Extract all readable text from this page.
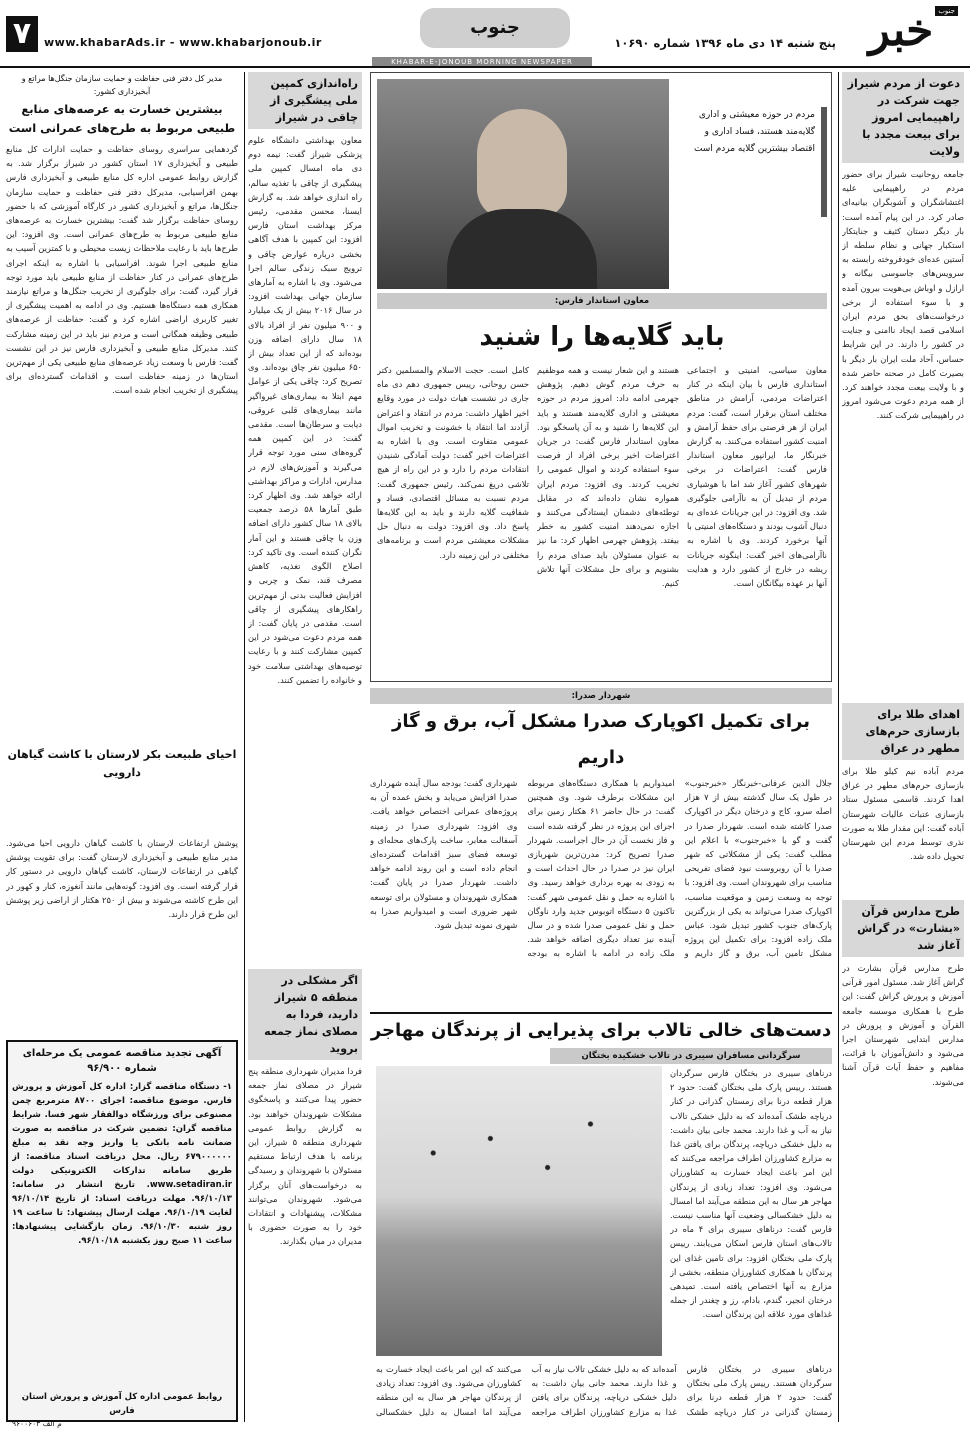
خبر جنوب
پنج شنبه ۱۴ دی ماه ۱۳۹۶ شماره ۱۰۶۹۰
جنوب
۷	www.khabarAds.ir - www.khabarjonoub.ir
KHABAR-E-JONOUB MORNING NEWSPAPER
دعوت از مردم شیراز جهت شرکت در راهپیمایی امروز برای بیعت مجدد با ولایت
جامعه روحانیت شیراز برای حضور مردم در راهپیمایی علیه اغتشاشگران و آشوبگران بیانیه‌ای صادر کرد. در این پیام آمده است: بار دیگر دستان کثیف و جنایتکار استکبار جهانی و نظام سلطه از آستین عده‌ای خودفروخته رابسته به سرویس‌های جاسوسی بیگانه و ارازل و اوباش بی‌هویت بیرون آمده و با سوء استفاده از برخی درخواست‌های بحق مردم ایران اسلامی قصد ایجاد ناامنی و جنایت در کشور را دارند. در این شرایط حساس، آحاد ملت ایران بار دیگر با بصیرت کامل در صحنه حاضر شده و با ولایت بیعت مجدد خواهند کرد. از همه مردم دعوت می‌شود امروز در راهپیمایی شرکت کنند.
اهدای طلا برای بازسازی حرم‌های مطهر در عراق
مردم آباده نیم کیلو طلا برای بازسازی حرم‌های مطهر در عراق اهدا کردند. قاسمی مسئول ستاد بازسازی عتبات عالیات شهرستان آباده گفت: این مقدار طلا به صورت نذری توسط مردم این شهرستان تحویل داده شد.
طرح مدارس قرآن «بشارت» در گراش آغاز شد
طرح مدارس قرآن بشارت در گراش آغاز شد. مسئول امور قرآنی آموزش و پرورش گراش گفت: این طرح با همکاری موسسه جامعه القرآن و آموزش و پرورش در مدارس ابتدایی شهرستان اجرا می‌شود و دانش‌آموزان با قرائت، مفاهیم و حفظ آیات قرآن آشنا می‌شوند.
مردم در حوزه معیشتی و اداری گلایه‌مند هستند، فساد اداری و اقتصاد بیشترین گلایه مردم است
معاون استاندار فارس:
باید گلایه‌ها را شنید
معاون سیاسی، امنیتی و اجتماعی استانداری فارس با بیان اینکه در کنار اعتراضات مردمی، آرامش در مناطق مختلف استان برقرار است، گفت: مردم ایران از هر فرصتی برای حفظ آرامش و امنیت کشور استفاده می‌کنند. به گزارش خبرنگار ما، ایرانپور معاون استاندار فارس گفت: اعتراضات در برخی شهرهای کشور آغاز شد اما با هوشیاری مردم از تبدیل آن به ناآرامی جلوگیری شد. وی افزود: در این جریانات عده‌ای به دنبال آشوب بودند و دستگاه‌های امنیتی با آنها برخورد کردند. وی با اشاره به ناآرامی‌های اخیر گفت: اینگونه جریانات ریشه در خارج از کشور دارد و هدایت آنها بر عهده بیگانگان است.
هستند و این شعار نیست و همه موظفیم به حرف مردم گوش دهیم. پژوهش جهرمی ادامه داد: امروز مردم در حوزه معیشتی و اداری گلایه‌مند هستند و باید این گلایه‌ها را شنید و به آن پاسخگو بود. معاون استاندار فارس گفت: در جریان اعتراضات اخیر برخی افراد از فرصت سوء استفاده کردند و اموال عمومی را تخریب کردند. وی افزود: مردم ایران همواره نشان داده‌اند که در مقابل توطئه‌های دشمنان ایستادگی می‌کنند و اجازه نمی‌دهند امنیت کشور به خطر بیفتد. پژوهش جهرمی اظهار کرد: ما نیز به عنوان مسئولان باید صدای مردم را بشنویم و برای حل مشکلات آنها تلاش کنیم.
کامل است. حجت الاسلام والمسلمین دکتر حسن روحانی، رییس جمهوری دهم دی ماه جاری در نشست هیات دولت در مورد وقایع اخیر اظهار داشت: مردم در انتقاد و اعتراض آزادند اما انتقاد با خشونت و تخریب اموال عمومی متفاوت است. وی با اشاره به اعتراضات اخیر گفت: دولت آمادگی شنیدن انتقادات مردم را دارد و در این راه از هیچ تلاشی دریغ نمی‌کند. رئیس جمهوری گفت: مردم نسبت به مسائل اقتصادی، فساد و شفافیت گلایه دارند و باید به این گلایه‌ها پاسخ داد. وی افزود: دولت به دنبال حل مشکلات معیشتی مردم است و برنامه‌های مختلفی در این زمینه دارد.
شهردار صدرا:
برای تکمیل اکوپارک صدرا مشکل آب، برق و گاز داریم
جلال الدین عرفانی-خبرنگار «خبرجنوب» در طول یک سال گذشته بیش از ۷ هزار اصله سرو، کاج و درختان دیگر در اکوپارک صدرا کاشته شده است. شهردار صدرا در گفت و گو با «خبرجنوب» با اعلام این مطلب گفت: یکی از مشکلاتی که شهر صدرا با آن روبروست نبود فضای تفریحی مناسب برای شهروندان است. وی افزود: با توجه به وسعت زمین و موقعیت مناسب، اکوپارک صدرا می‌تواند به یکی از بزرگترین پارک‌های جنوب کشور تبدیل شود. عباس ملک زاده افزود: برای تکمیل این پروژه مشکل تامین آب، برق و گاز داریم و امیدواریم با همکاری دستگاه‌های مربوطه این مشکلات برطرف شود. وی همچنین گفت: در حال حاضر ۶۱ هکتار زمین برای اجرای این پروژه در نظر گرفته شده است و فاز نخست آن در حال اجراست. شهردار صدرا تصریح کرد: مدرن‌ترین شهربازی ایران نیز در صدرا در حال احداث است و به زودی به بهره برداری خواهد رسید. وی با اشاره به حمل و نقل عمومی شهر گفت: تاکنون ۵ دستگاه اتوبوس جدید وارد ناوگان حمل و نقل عمومی صدرا شده و در سال آینده نیز تعداد دیگری اضافه خواهد شد. ملک زاده در ادامه با اشاره به بودجه شهرداری گفت: بودجه سال آینده شهرداری صدرا افزایش می‌یابد و بخش عمده آن به پروژه‌های عمرانی اختصاص خواهد یافت. وی افزود: شهرداری صدرا در زمینه آسفالت معابر، ساخت پارک‌های محله‌ای و توسعه فضای سبز اقدامات گسترده‌ای انجام داده است و این روند ادامه خواهد داشت. شهردار صدرا در پایان گفت: همکاری شهروندان و مسئولان برای توسعه شهر ضروری است و امیدواریم صدرا به شهری نمونه تبدیل شود.
دست‌های خالی تالاب برای پذیرایی از پرندگان مهاجر
سرگردانی مسافران سیبری در تالاب خشکیده بختگان
درناهای سیبری در بختگان فارس سرگردان هستند. رییس پارک ملی بختگان گفت: حدود ۲ هزار قطعه درنا برای زمستان گذرانی در کنار دریاچه طشک آمده‌اند که به دلیل خشکی تالاب نیاز به آب و غذا دارند. محمد جانی بیان داشت: به دلیل خشکی دریاچه، پرندگان برای یافتن غذا به مزارع کشاورزان اطراف مراجعه می‌کنند که این امر باعث ایجاد خسارت به کشاورزان می‌شود. وی افزود: تعداد زیادی از پرندگان مهاجر هر سال به این منطقه می‌آیند اما امسال به دلیل خشکسالی وضعیت آنها مناسب نیست. فارس گفت: درناهای سیبری برای ۴ ماه در تالاب‌های استان فارس اسکان می‌یابند. رییس پارک ملی بختگان افزود: برای تامین غذای این پرندگان با همکاری کشاورزان منطقه، بخشی از مزارع به آنها اختصاص یافته است. تمیدهی درختان انجیر، گندم، بادام، رز و چغندر از جمله غذاهای مورد علاقه این پرندگان است.
درناهای سیبری در بختگان فارس سرگردان هستند. رییس پارک ملی بختگان گفت: حدود ۲ هزار قطعه درنا برای زمستان گذرانی در کنار دریاچه طشک آمده‌اند که به دلیل خشکی تالاب نیاز به آب و غذا دارند. محمد جانی بیان داشت: به دلیل خشکی دریاچه، پرندگان برای یافتن غذا به مزارع کشاورزان اطراف مراجعه می‌کنند که این امر باعث ایجاد خسارت به کشاورزان می‌شود. وی افزود: تعداد زیادی از پرندگان مهاجر هر سال به این منطقه می‌آیند اما امسال به دلیل خشکسالی
راه‌اندازی کمپین ملی پیشگیری از چاقی در شیراز
معاون بهداشتی دانشگاه علوم پزشکی شیراز گفت: نیمه دوم دی ماه امسال کمپین ملی پیشگیری از چاقی با تغذیه سالم، راه اندازی خواهد شد. به گزارش ایسنا، محسن مقدمی، رئیس مرکز بهداشت استان فارس افزود: این کمپین با هدف آگاهی بخشی درباره عوارض چاقی و ترویج سبک زندگی سالم اجرا می‌شود. وی با اشاره به آمارهای سازمان جهانی بهداشت افزود: در سال ۲۰۱۶ بیش از یک میلیارد و ۹۰۰ میلیون نفر از افراد بالای ۱۸ سال دارای اضافه وزن بوده‌اند که از این تعداد بیش از ۶۵۰ میلیون نفر چاق بوده‌اند. وی تصریح کرد: چاقی یکی از عوامل مهم ابتلا به بیماری‌های غیرواگیر مانند بیماری‌های قلبی عروقی، دیابت و سرطان‌ها است. مقدمی گفت: در این کمپین همه گروه‌های سنی مورد توجه قرار می‌گیرند و آموزش‌های لازم در مدارس، ادارات و مراکز بهداشتی ارائه خواهد شد. وی اظهار کرد: طبق آمارها ۵۸ درصد جمعیت بالای ۱۸ سال کشور دارای اضافه وزن یا چاقی هستند و این آمار نگران کننده است. وی تاکید کرد: اصلاح الگوی تغذیه، کاهش مصرف قند، نمک و چربی و افزایش فعالیت بدنی از مهم‌ترین راهکارهای پیشگیری از چاقی است. مقدمی در پایان گفت: از همه مردم دعوت می‌شود در این کمپین مشارکت کنند و با رعایت توصیه‌های بهداشتی سلامت خود و خانواده را تضمین کنند.
اگر مشکلی در منطقه ۵ شیراز دارید، فردا به مصلای نماز جمعه بروید
فردا مدیران شهرداری منطقه پنج شیراز در مصلای نماز جمعه حضور پیدا می‌کنند و پاسخگوی مشکلات شهروندان خواهند بود. به گزارش روابط عمومی شهرداری منطقه ۵ شیراز، این برنامه با هدف ارتباط مستقیم مسئولان با شهروندان و رسیدگی به درخواست‌های آنان برگزار می‌شود. شهروندان می‌توانند مشکلات، پیشنهادات و انتقادات خود را به صورت حضوری با مدیران در میان بگذارند.
مدیر کل دفتر فنی حفاظت و حمایت سازمان جنگل‌ها مراتع و آبخیزداری کشور:
بیشترین خسارت به عرصه‌های منابع طبیعی مربوط به طرح‌های عمرانی است
گردهمایی سراسری روسای حفاظت و حمایت ادارات کل منابع طبیعی و آبخیزداری ۱۷ استان کشور در شیراز برگزار شد. به گزارش روابط عمومی اداره کل منابع طبیعی و آبخیزداری فارس بهمن افراسیابی، مدیرکل دفتر فنی حفاظت و حمایت سازمان جنگل‌ها، مراتع و آبخیزداری کشور در کارگاه آموزشی که با حضور روسای حفاظت برگزار شد گفت: بیشترین خسارت به عرصه‌های منابع طبیعی مربوط به طرح‌های عمرانی است. وی افزود: این طرح‌ها باید با رعایت ملاحظات زیست محیطی و با کمترین آسیب به منابع طبیعی اجرا شوند. افراسیابی با اشاره به اینکه اجرای طرح‌های عمرانی در کنار حفاظت از منابع طبیعی باید مورد توجه قرار گیرد، گفت: برای جلوگیری از تخریب جنگل‌ها و مراتع نیازمند همکاری همه دستگاه‌ها هستیم. وی در ادامه به اهمیت پیشگیری از تغییر کاربری اراضی اشاره کرد و گفت: حفاظت از عرصه‌های طبیعی وظیفه همگانی است و مردم نیز باید در این زمینه مشارکت کنند. مدیرکل منابع طبیعی و آبخیزداری فارس نیز در این نشست گفت: فارس با وسعت زیاد عرصه‌های منابع طبیعی یکی از مهم‌ترین استان‌ها در زمینه حفاظت است و اقدامات گسترده‌ای برای پیشگیری از تخریب انجام شده است.
احیای طبیعت بکر لارستان با کاشت گیاهان دارویی
پوشش ارتفاعات لارستان با کاشت گیاهان دارویی احیا می‌شود. مدیر منابع طبیعی و آبخیزداری لارستان گفت: برای تقویت پوشش گیاهی در ارتفاعات لارستان، کاشت گیاهان دارویی در دستور کار قرار گرفته است. وی افزود: گونه‌هایی مانند آنغوزه، کنار و کهور در این طرح کاشته می‌شوند و بیش از ۲۵۰ هکتار از اراضی زیر پوشش این طرح قرار دارند.
آگهی تجدید مناقصه عمومی یک مرحله‌ای شماره ۹۶/۹۰۰
۱- دستگاه مناقصه گزار: اداره کل آموزش و پرورش فارس. موضوع مناقصه: اجرای ۸۷۰۰ مترمربع چمن مصنوعی برای ورزشگاه دوالفقار شهر فسا. شرایط مناقصه گران: تضمین شرکت در مناقصه به صورت ضمانت نامه بانکی یا واریز وجه نقد به مبلغ ۶۷۹۰۰۰۰۰۰ ریال. محل دریافت اسناد مناقصه: از طریق سامانه تدارکات الکترونیکی دولت www.setadiran.ir. تاریخ انتشار در سامانه: ۹۶/۱۰/۱۳. مهلت دریافت اسناد: از تاریخ ۹۶/۱۰/۱۴ لغایت ۹۶/۱۰/۱۹. مهلت ارسال پیشنهاد: تا ساعت ۱۹ روز شنبه ۹۶/۱۰/۳۰. زمان بازگشایی پیشنهادها: ساعت ۱۱ صبح روز یکشنبه ۹۶/۱۰/۱۸.
روابط عمومی اداره کل آموزش و پرورش استان فارس
م الف ۹۶۰۰۶۰۳
